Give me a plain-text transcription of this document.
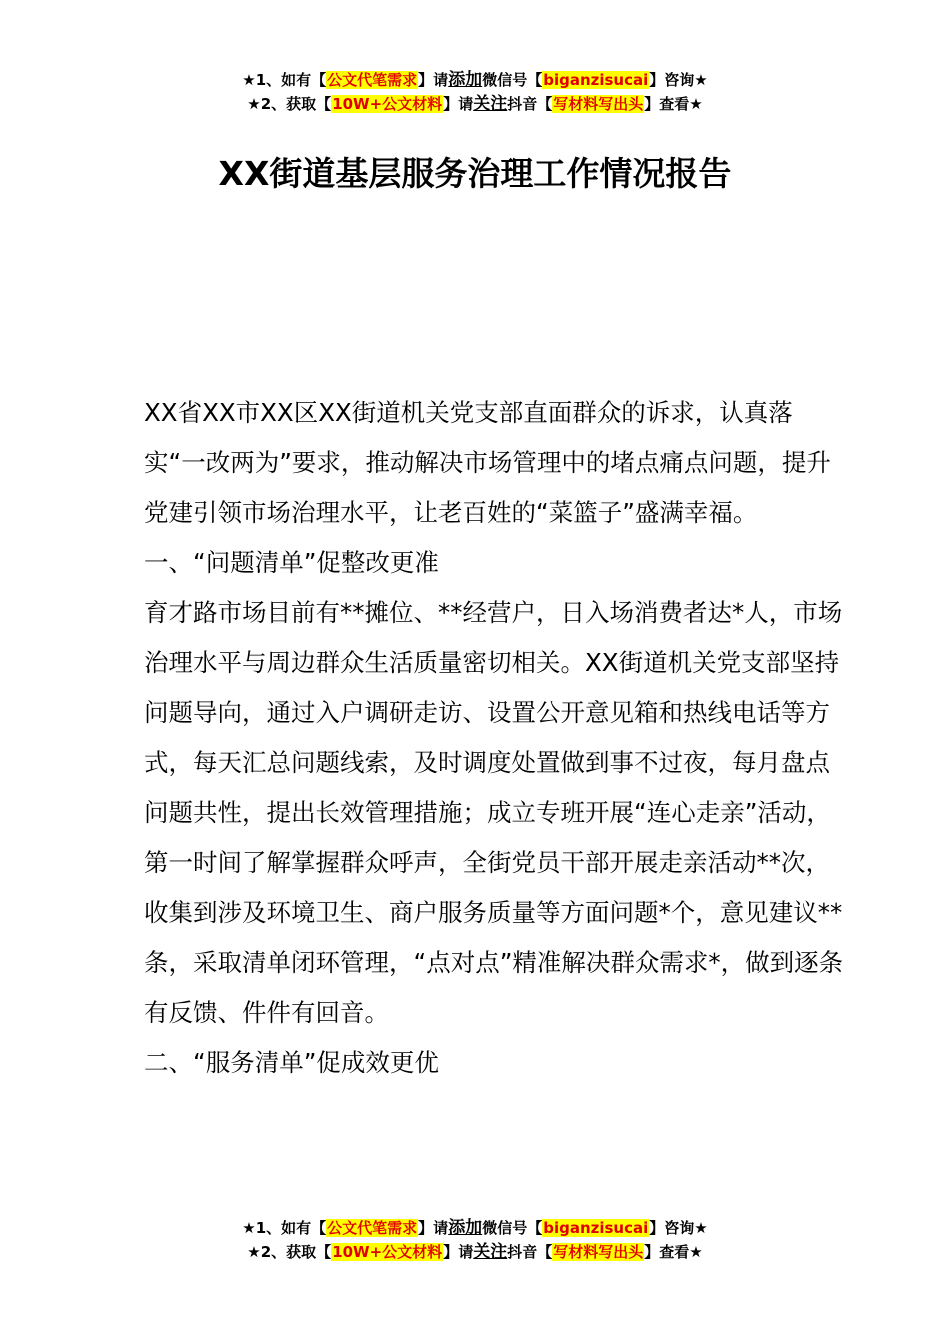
★1、如有【公文代笔需求】请添加微信号【biganzisucai】咨询★
★2、获取【10W+公文材料】请关注抖音【写材料写出头】查看★
XX街道基层服务治理工作情况报告

XX省XX市XX区XX街道机关党支部直面群众的诉求，认真落实“一改两为”要求，推动解决市场管理中的堵点痛点问题，提升党建引领市场治理水平，让老百姓的“菜篮子”盛满幸福。

一、“问题清单”促整改更准

育才路市场目前有**摊位、**经营户，日入场消费者达*人，市场治理水平与周边群众生活质量密切相关。XX街道机关党支部坚持问题导向，通过入户调研走访、设置公开意见箱和热线电话等方式，每天汇总问题线索，及时调度处置做到事不过夜，每月盘点问题共性，提出长效管理措施；成立专班开展“连心走亲”活动，第一时间了解掌握群众呼声，全街党员干部开展走亲活动**次，收集到涉及环境卫生、商户服务质量等方面问题*个，意见建议**条，采取清单闭环管理，“点对点”精准解决群众需求*，做到逐条有反馈、件件有回音。

二、“服务清单”促成效更优

★1、如有【公文代笔需求】请添加微信号【biganzisucai】咨询★
★2、获取【10W+公文材料】请关注抖音【写材料写出头】查看★
